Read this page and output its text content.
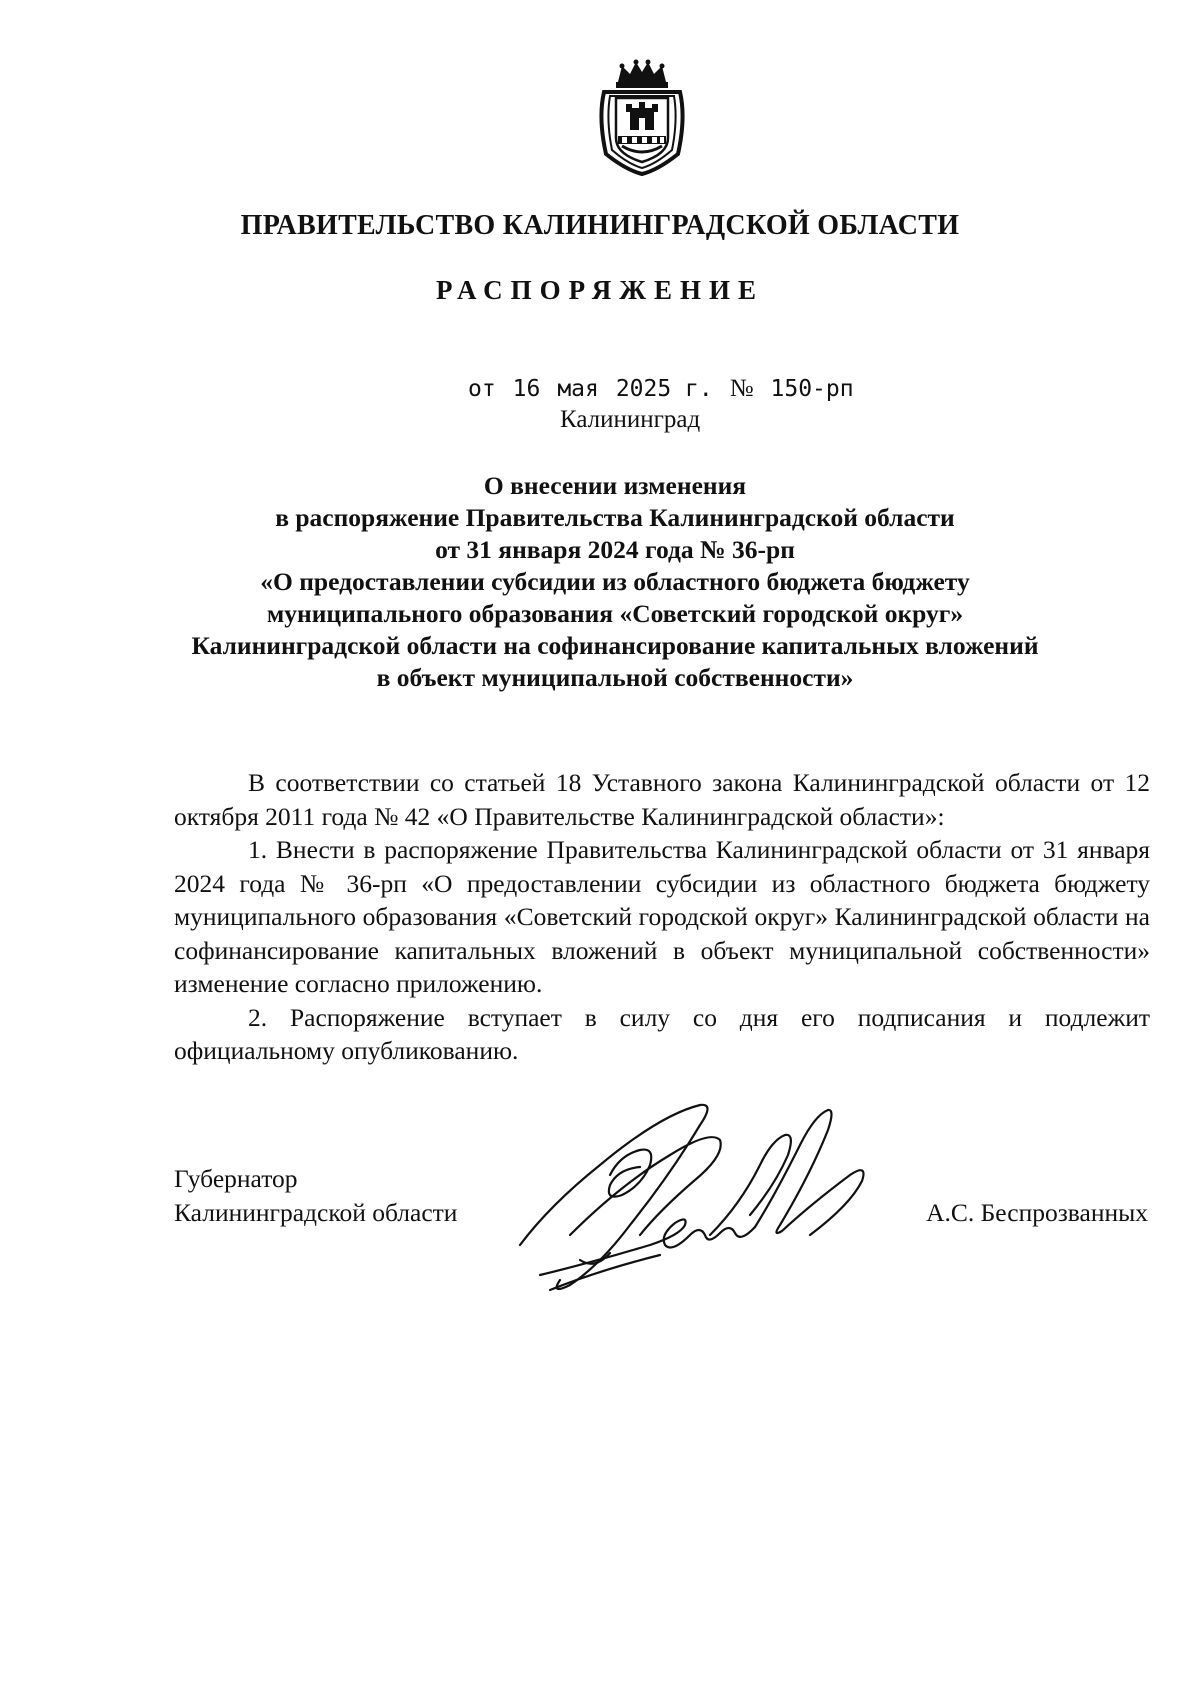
ПРАВИТЕЛЬСТВО КАЛИНИНГРАДСКОЙ ОБЛАСТИ
РАСПОРЯЖЕНИЕ
от 16 мая 2025 г. № 150-рп
Калининград
О внесении изменения
в распоряжение Правительства Калининградской области
от 31 января 2024 года № 36-рп
«О предоставлении субсидии из областного бюджета бюджету
муниципального образования «Советский городской округ»
Калининградской области на софинансирование капитальных вложений
в объект муниципальной собственности»

В соответствии со статьей 18 Уставного закона Калининградской области от 12 октября 2011 года № 42 «О Правительстве Калининградской области»:

1. Внести в распоряжение Правительства Калининградской области от 31 января 2024 года № 36-рп «О предоставлении субсидии из областного бюджета бюджету муниципального образования «Советский городской округ» Калининградской области на софинансирование капитальных вложений в объект муниципальной собственности» изменение согласно приложению.

2. Распоряжение вступает в силу со дня его подписания и подлежит официальному опубликованию.

Губернатор
Калининградской области	А.С. Беспрозванных
